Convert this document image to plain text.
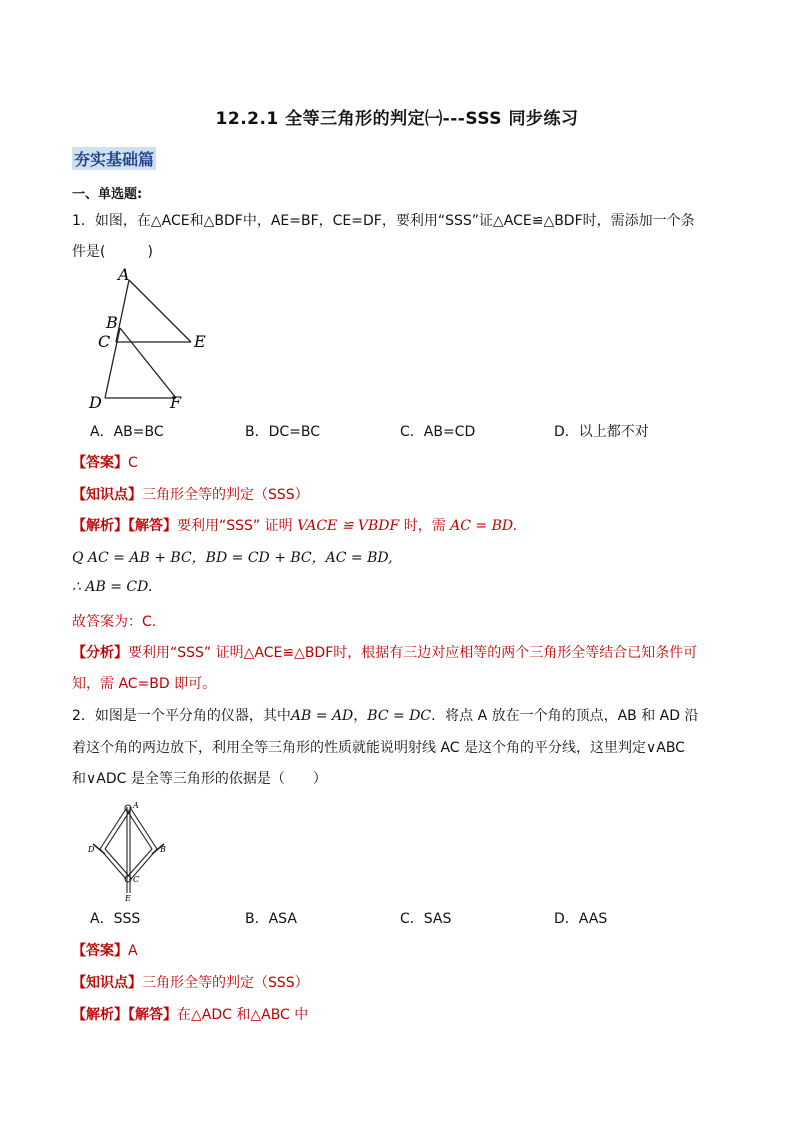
12.2.1 全等三角形的判定㈠---SSS 同步练习
夯实基础篇
一、单选题:
1．如图，在△ACE和△BDF中，AE=BF，CE=DF，要利用“SSS”证△ACE≌△BDF时，需添加一个条
件是(　　　)
A
B
C	E
D	F
A．AB=BC	B．DC=BC	C．AB=CD	D．以上都不对
【答案】C
【知识点】三角形全等的判定（SSS）
【解析】【解答】要利用“SSS” 证明 VACE ≌ VBDF 时，需 AC = BD.
Q AC = AB + BC，BD = CD + BC，AC = BD,
∴ AB = CD.
故答案为：C.
【分析】要利用“SSS” 证明△ACE≌△BDF时，根据有三边对应相等的两个三角形全等结合已知条件可
知，需 AC=BD 即可。
2．如图是一个平分角的仪器，其中AB = AD，BC = DC．将点 A 放在一个角的顶点，AB 和 AD 沿
着这个角的两边放下，利用全等三角形的性质就能说明射线 AC 是这个角的平分线，这里判定∨ABC
和∨ADC 是全等三角形的依据是（　　）
A
D	B
C
E
A．SSS	B．ASA	C．SAS	D．AAS
【答案】A
【知识点】三角形全等的判定（SSS）
【解析】【解答】在△ADC 和△ABC 中
